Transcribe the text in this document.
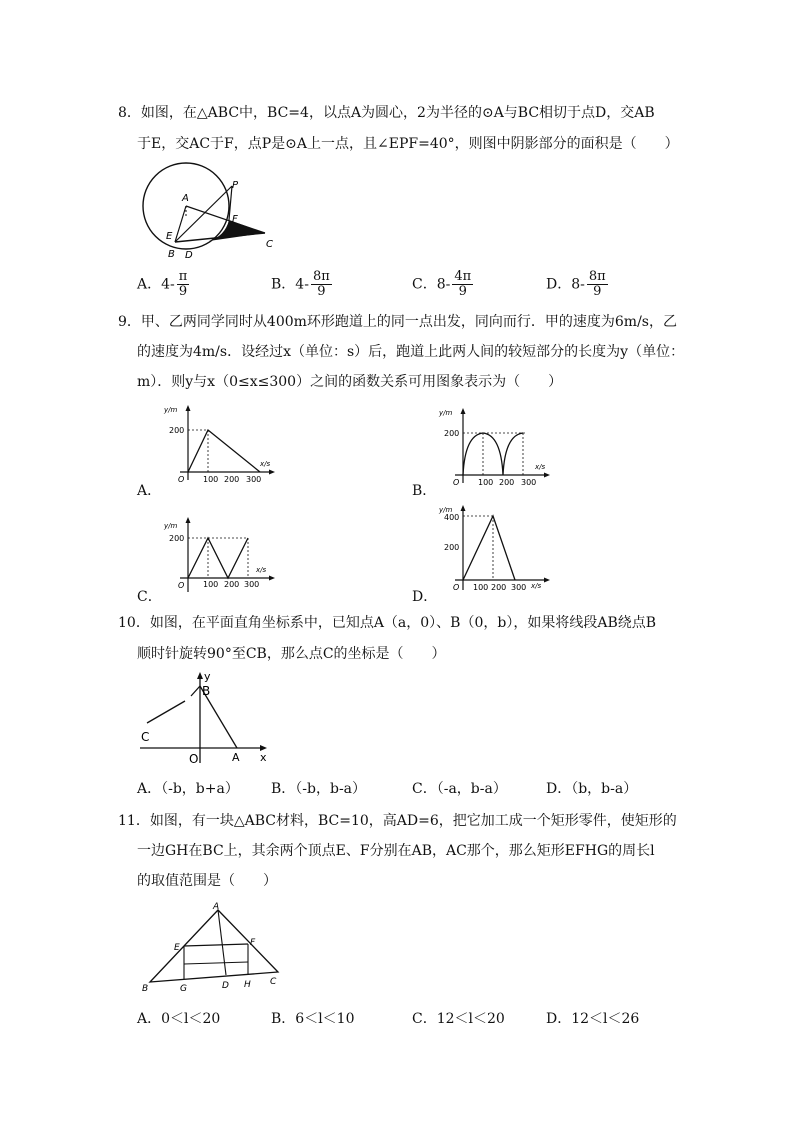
8．如图，在△ABC中，BC=4，以点A为圆心，2为半径的⊙A与BC相切于点D，交AB
于E，交AC于F，点P是⊙A上一点，且∠EPF=40°，则图中阴影部分的面积是（　　）
A
P
F
E
B D
C
A．$4- \frac{\pi}{9}$	B．$4- \frac{8\pi}{9}$	C．$8- \frac{4\pi}{9}$	D．$8- \frac{8\pi}{9}$
9．甲、乙两同学同时从400m环形跑道上的同一点出发，同向而行．甲的速度为6m/s，乙
的速度为4m/s．设经过x（单位：s）后，跑道上此两人间的较短部分的长度为y（单位：
m）．则y与x（0≤x≤300）之间的函数关系可用图象表示为（　　）
y/m
200
O 100 200 300
x/s
A．
y/m
200
O 100 200 300
x/s
B．
y/m
200
O 100 200 300
x/s
C．
y/m
400
200
O 100 200 300 x/s
D．
10．如图，在平面直角坐标系中，已知点A（a，0）、B（0，b），如果将线段AB绕点B
顺时针旋转90°至CB，那么点C的坐标是（　　）
y
B
C
O	A x
A．（-b，b+a） B．（-b，b-a）	C．（-a，b-a）	D．（b，b-a）
11．如图，有一块△ABC材料，BC=10，高AD=6，把它加工成一个矩形零件，使矩形的
一边GH在BC上，其余两个顶点E、F分别在AB，AC那个，那么矩形EFHG的周长l
的取值范围是（　　）
A
E	F
B	G	D H C
A．0＜l＜20	B．6＜l＜10	C．12＜l＜20	D．12＜l＜26
